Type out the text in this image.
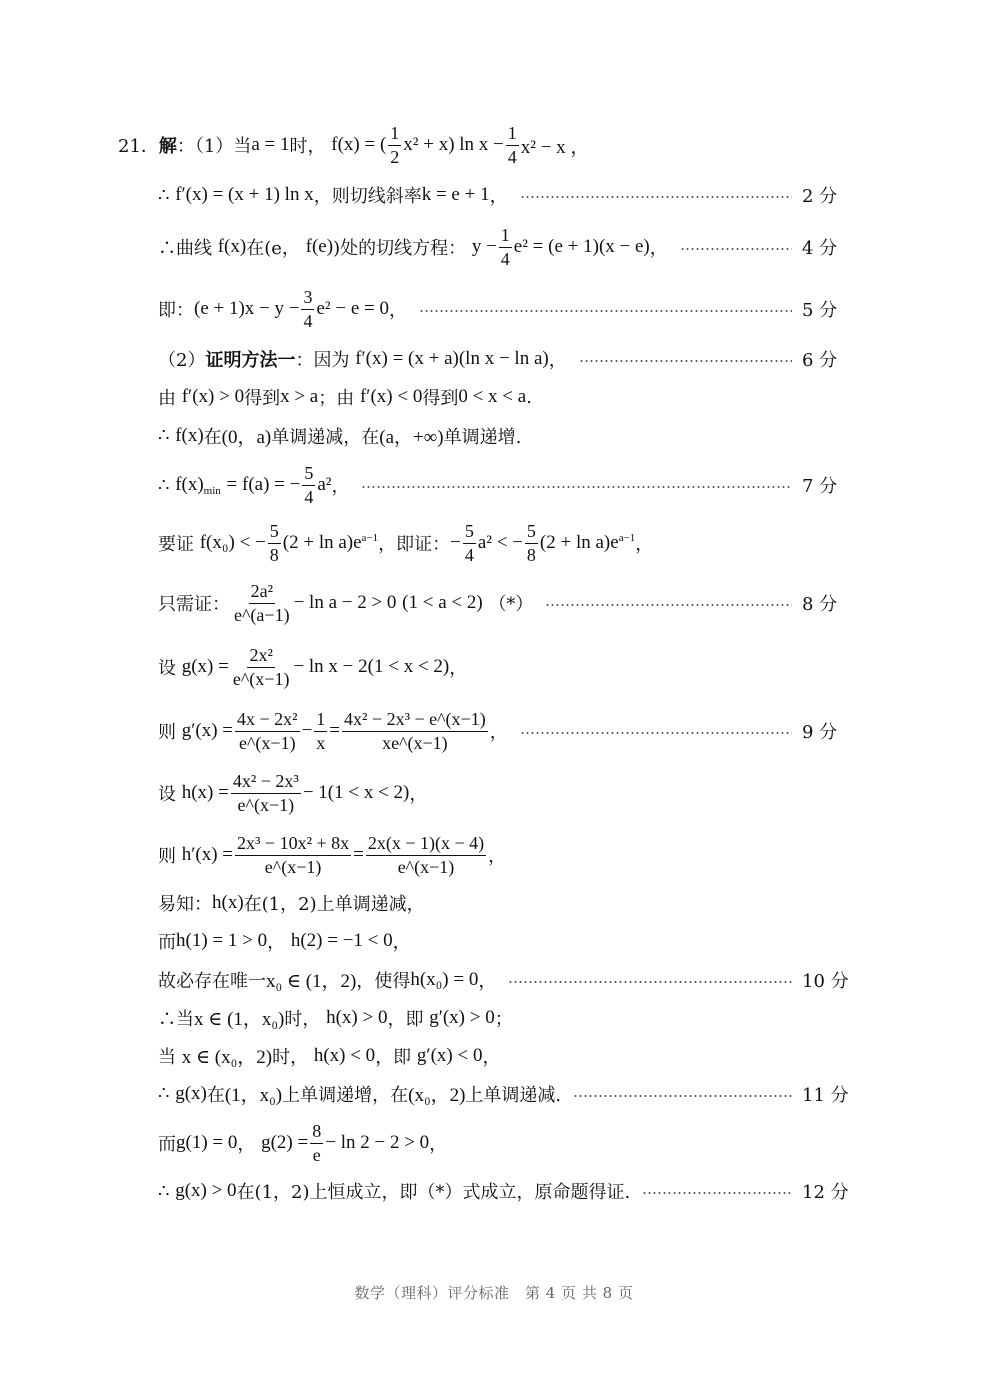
21． 解 ：（1）当 a = 1 时，
f(x) = (
1
2
x² + x) $\ln x - \frac{1}{4} x^2 - x$ ，
∴
f′(x) = (x + 1) ln x ，则切线斜率 k = e + 1 ，	2 分
∴曲线
f(x) 在(e，
f(e) )处的切线方程：
$y - \frac{1}{4} e^2 = (e + 1)(x - e)$ ，	4 分
即： $(e + 1)x - y - \frac{3}{4} e^2 - e = 0$ ，	5 分
（2） 证明方法一 ：因为
f′(x) = (x + a)(ln x − ln a) ，	6 分
由
f′(x) > 0 得到 x > a ；由
f′(x) < 0 得到 0 < x < a .
∴
f(x) 在 (0，a) 单调递减，在 (a，+∞) 单调递增.
∴
$f(x)_{min}$
= f(a) = − $\frac{5}{4} a^2$ ，	7 分
要证
f(x₀) < − $\frac{5}{8} (2 + \ln a)e^{a-1}$ ，即证： − $\frac{5}{4} a^2$ < − $\frac{5}{8} (2 + \ln a)e^{a-1}$ ，
只需证：
2a²
e^(a−1)
− ln a − 2 > 0
(1 < a < 2)
（*）	8 分
设
$g(x) = \frac{\text{2x²}}{e\^{}(x-1)} - \ln x - 2(1 < x < 2)$ ，
则
$g'(x) = \frac{\text{4x − 2x²}}{e\^{}(x-1)} - \frac{1}{x} = \frac{\text{4x² − 2x³ − e\textasciicircum{}(x−1)}}{xe\^{}(x-1)}$ ，	9 分
设
$h(x) = \frac{\text{4x² − 2x³}}{e\^{}(x-1)} - 1(1 < x < 2)$ ，
则
$h'(x) = \frac{\text{2x³ − 10x² + 8x}}{e\^{}(x-1)} = \frac{2x(x - 1)(x - 4)}{e\^{}(x-1)}$ ，
易知： h(x) 在(1，2)上单调递减，
而 h(1) = 1 > 0 ，
h(2) = −1 < 0 ，
故必存在唯一 x₀ ∈ (1，2) ，使得 h(x₀) = 0 ，	10 分
∴当 x ∈ (1，x₀) 时，
h(x) > 0 ，即
g′(x) > 0 ；
当
x ∈ (x₀，2) 时，
h(x) < 0 ，即
g′(x) < 0 ，
∴
g(x) 在 (1，x₀) 上单调递增，在 (x₀，2) 上单调递减.	11 分
而 g(1) = 0 ，
$g(2) = \frac{8}{e} - \ln 2 - 2 > 0$ ，
∴
g(x) > 0 在(1，2)上恒成立，即（*）式成立，原命题得证.	12 分
数学（理科）评分标准　第 4 页 共 8 页
